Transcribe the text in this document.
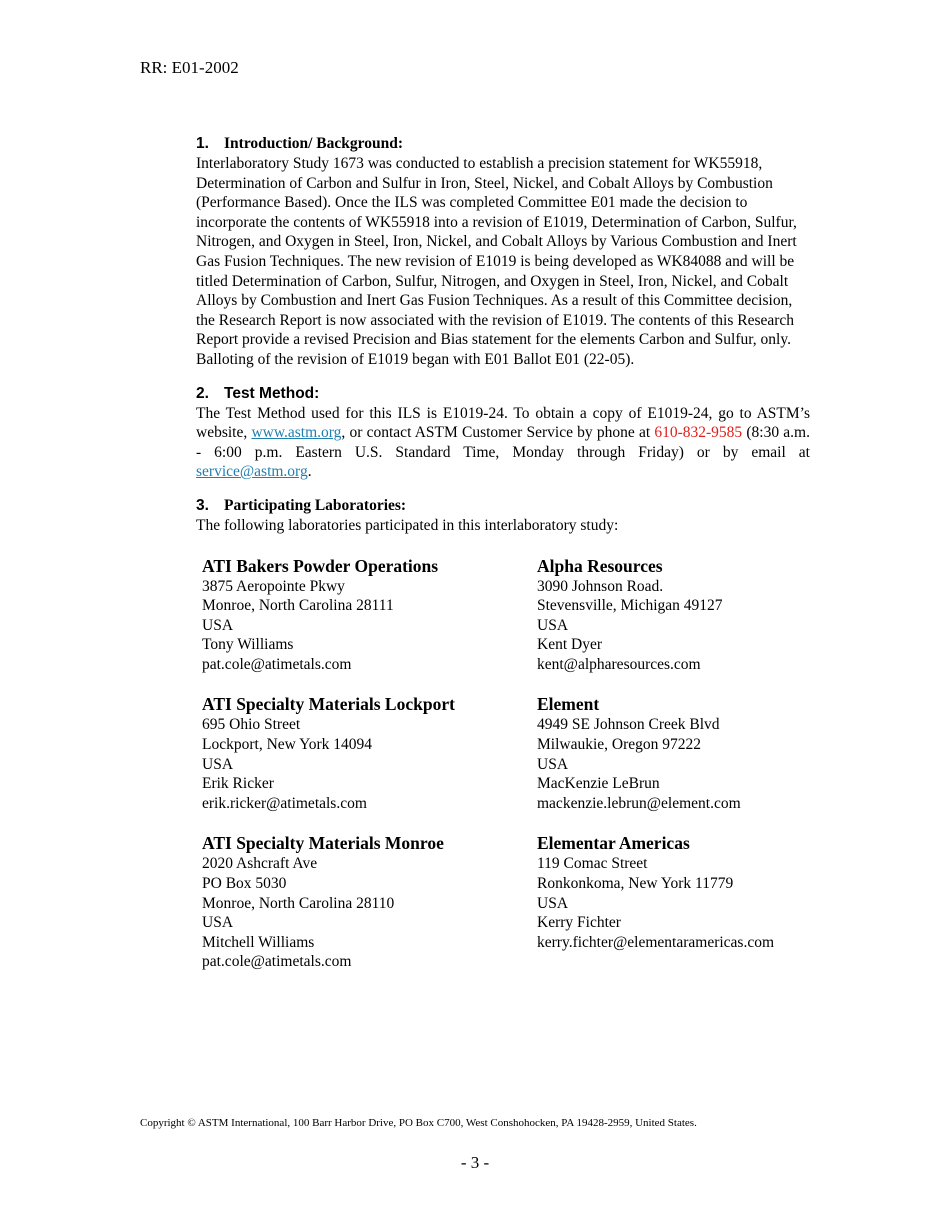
RR: E01-2002
1. Introduction/ Background:

Interlaboratory Study 1673 was conducted to establish a precision statement for WK55918, Determination of Carbon and Sulfur in Iron, Steel, Nickel, and Cobalt Alloys by Combustion (Performance Based). Once the ILS was completed Committee E01 made the decision to incorporate the contents of WK55918 into a revision of E1019, Determination of Carbon, Sulfur, Nitrogen, and Oxygen in Steel, Iron, Nickel, and Cobalt Alloys by Various Combustion and Inert Gas Fusion Techniques. The new revision of E1019 is being developed as WK84088 and will be titled Determination of Carbon, Sulfur, Nitrogen, and Oxygen in Steel, Iron, Nickel, and Cobalt Alloys by Combustion and Inert Gas Fusion Techniques. As a result of this Committee decision, the Research Report is now associated with the revision of E1019. The contents of this Research Report provide a revised Precision and Bias statement for the elements Carbon and Sulfur, only. Balloting of the revision of E1019 began with E01 Ballot E01 (22-05).

2. Test Method:

The Test Method used for this ILS is E1019-24. To obtain a copy of E1019-24, go to ASTM’s website, www.astm.org, or contact ASTM Customer Service by phone at 610-832-9585 (8:30 a.m. - 6:00 p.m. Eastern U.S. Standard Time, Monday through Friday) or by email at service@astm.org.

3. Participating Laboratories:

The following laboratories participated in this interlaboratory study:

ATI Bakers Powder Operations
3875 Aeropointe Pkwy
Monroe, North Carolina 28111
USA
Tony Williams
pat.cole@atimetals.com
Alpha Resources
3090 Johnson Road.
Stevensville, Michigan 49127
USA
Kent Dyer
kent@alpharesources.com
ATI Specialty Materials Lockport
695 Ohio Street
Lockport, New York 14094
USA
Erik Ricker
erik.ricker@atimetals.com
Element
4949 SE Johnson Creek Blvd
Milwaukie, Oregon 97222
USA
MacKenzie LeBrun
mackenzie.lebrun@element.com
ATI Specialty Materials Monroe
2020 Ashcraft Ave
PO Box 5030
Monroe, North Carolina 28110
USA
Mitchell Williams
pat.cole@atimetals.com
Elementar Americas
119 Comac Street
Ronkonkoma, New York 11779
USA
Kerry Fichter
kerry.fichter@elementaramericas.com
Copyright © ASTM International, 100 Barr Harbor Drive, PO Box C700, West Conshohocken, PA 19428-2959, United States.
- 3 -
